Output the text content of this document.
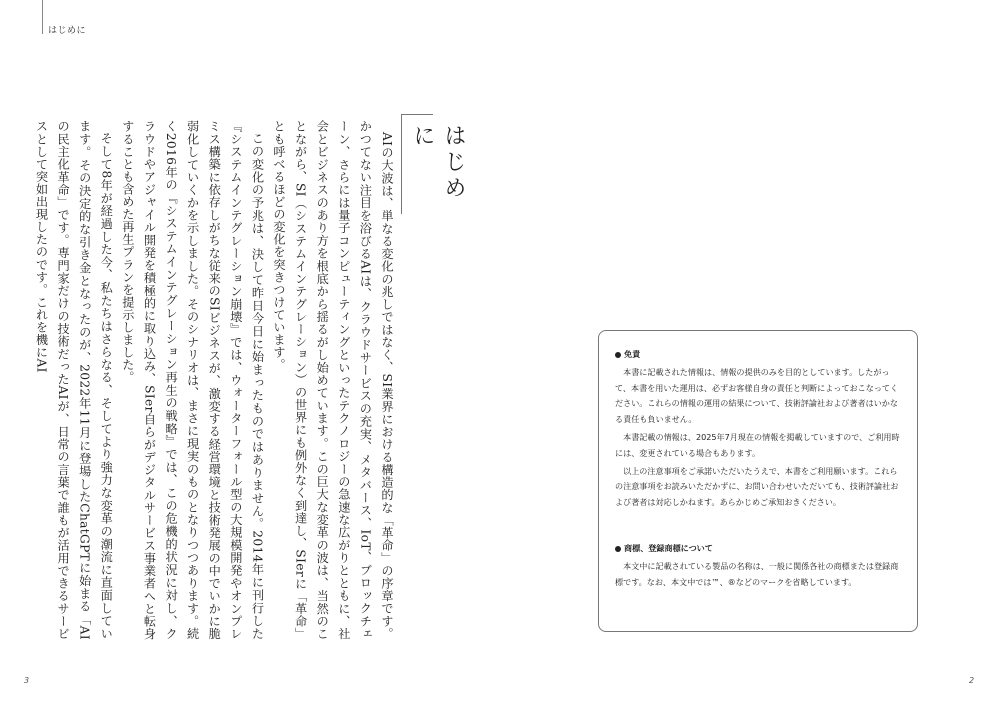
はじめに

AIの大波は、単なる変化の兆しではなく、SI業界における構造的な「革命」の序章です。かつてない注目を浴びるAIは、クラウドサービスの充実、メタバース、IoT、ブロックチェーン、さらには量子コンピューティングといったテクノロジーの急速な広がりとともに、社会とビジネスのあり方を根底から揺るがし始めています。この巨大な変革の波は、当然のことながら、SI（システムインテグレーション）の世界にも例外なく到達し、SIerに「革命」とも呼べるほどの変化を突きつけています。

この変化の予兆は、決して昨日今日に始まったものではありません。2014年に刊行した『システムインテグレーション崩壊』では、ウォーターフォール型の大規模開発やオンプレミス構築に依存しがちな従来のSIビジネスが、激変する経営環境と技術発展の中でいかに脆弱化していくかを示しました。そのシナリオは、まさに現実のものとなりつつあります。続く2016年の『システムインテグレーション再生の戦略』では、この危機的状況に対し、クラウドやアジャイル開発を積極的に取り込み、SIer自らがデジタルサービス事業者へと転身することも含めた再生プランを提示しました。

そして8年が経過した今、私たちはさらなる、そしてより強力な変革の潮流に直面しています。その決定的な引き金となったのが、2022年11月に登場したChatGPTに始まる「AIの民主化革命」です。専門家だけの技術だったAIが、日常の言葉で誰もが活用できるサービスとして突如出現したのです。これを機にAI	はじめに
免責

本書に記載された情報は、情報の提供のみを目的としています。したがって、本書を用いた運用は、必ずお客様自身の責任と判断によっておこなってください。これらの情報の運用の結果について、技術評論社および著者はいかなる責任も負いません。

本書記載の情報は、2025年7月現在の情報を掲載していますので、ご利用時には、変更されている場合もあります。

以上の注意事項をご承諾いただいたうえで、本書をご利用願います。これらの注意事項をお読みいただかずに、お問い合わせいただいても、技術評論社および著者は対応しかねます。あらかじめご承知おきください。

商標、登録商標について

本文中に記載されている製品の名称は、一般に関係各社の商標または登録商標です。なお、本文中では™、®などのマークを省略しています。

3	2
